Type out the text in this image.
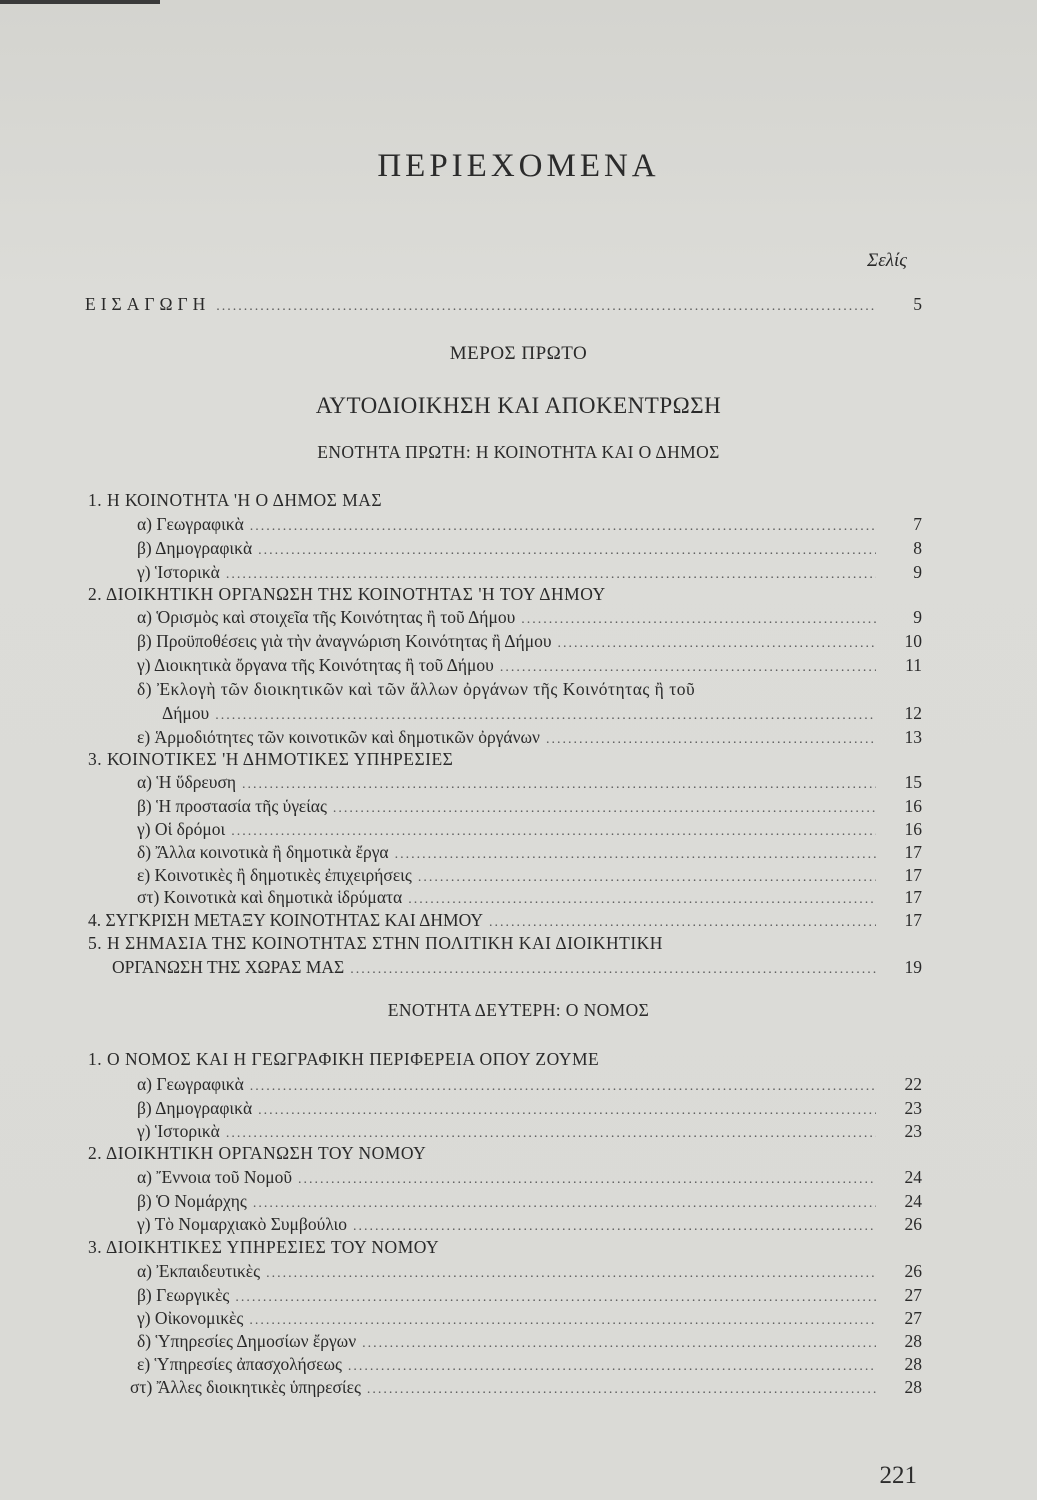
ΠΕΡΙΕΧΟΜΕΝΑ
Σελίς
ΕΙΣΑΓΩΓΗ .....	5
ΜΕΡΟΣ ΠΡΩΤΟ
ΑΥΤΟΔΙΟΙΚΗΣΗ ΚΑΙ ΑΠΟΚΕΝΤΡΩΣΗ
ΕΝΟΤΗΤΑ ΠΡΩΤΗ: Η ΚΟΙΝΟΤΗΤΑ ΚΑΙ Ο ΔΗΜΟΣ
1. Η ΚΟΙΝΟΤΗΤΑ 'Η Ο ΔΗΜΟΣ ΜΑΣ
α) Γεωγραφικὰ .....	7
β) Δημογραφικὰ .....	8
γ) Ἱστορικὰ .....	9
2. ΔΙΟΙΚΗΤΙΚΗ ΟΡΓΑΝΩΣΗ ΤΗΣ ΚΟΙΝΟΤΗΤΑΣ 'Η ΤΟΥ ΔΗΜΟΥ
α) Ὁρισμὸς καὶ στοιχεῖα τῆς Κοινότητας ἢ τοῦ Δήμου .....	9
β) Προϋποθέσεις γιὰ τὴν ἀναγνώριση Κοινότητας ἢ Δήμου .....	10
γ) Διοικητικὰ ὄργανα τῆς Κοινότητας ἢ τοῦ Δήμου .....	11
δ) Ἐκλογὴ τῶν διοικητικῶν καὶ τῶν ἄλλων ὀργάνων τῆς Κοινότητας ἢ τοῦ
Δήμου .....	12
ε) Ἁρμοδιότητες τῶν κοινοτικῶν καὶ δημοτικῶν ὀργάνων .....	13
3. ΚΟΙΝΟΤΙΚΕΣ 'Η ΔΗΜΟΤΙΚΕΣ ΥΠΗΡΕΣΙΕΣ
α) Ἡ ὕδρευση .....	15
β) Ἡ προστασία τῆς ὑγείας .....	16
γ) Οἱ δρόμοι .....	16
δ) Ἄλλα κοινοτικὰ ἢ δημοτικὰ ἔργα .....	17
ε) Κοινοτικὲς ἢ δημοτικὲς ἐπιχειρήσεις .....	17
στ) Κοινοτικὰ καὶ δημοτικὰ ἱδρύματα .....	17
4. ΣΥΓΚΡΙΣΗ ΜΕΤΑΞΥ ΚΟΙΝΟΤΗΤΑΣ ΚΑΙ ΔΗΜΟΥ .....	17
5. Η ΣΗΜΑΣΙΑ ΤΗΣ ΚΟΙΝΟΤΗΤΑΣ ΣΤΗΝ ΠΟΛΙΤΙΚΗ ΚΑΙ ΔΙΟΙΚΗΤΙΚΗ
ΟΡΓΑΝΩΣΗ ΤΗΣ ΧΩΡΑΣ ΜΑΣ .....	19
ΕΝΟΤΗΤΑ ΔΕΥΤΕΡΗ: Ο ΝΟΜΟΣ
1. Ο ΝΟΜΟΣ ΚΑΙ Η ΓΕΩΓΡΑΦΙΚΗ ΠΕΡΙΦΕΡΕΙΑ ΟΠΟΥ ΖΟΥΜΕ
α) Γεωγραφικὰ .....	22
β) Δημογραφικὰ .....	23
γ) Ἱστορικὰ .....	23
2. ΔΙΟΙΚΗΤΙΚΗ ΟΡΓΑΝΩΣΗ ΤΟΥ ΝΟΜΟΥ
α) Ἔννοια τοῦ Νομοῦ .....	24
β) Ὁ Νομάρχης .....	24
γ) Τὸ Νομαρχιακὸ Συμβούλιο .....	26
3. ΔΙΟΙΚΗΤΙΚΕΣ ΥΠΗΡΕΣΙΕΣ ΤΟΥ ΝΟΜΟΥ
α) Ἐκπαιδευτικὲς .....	26
β) Γεωργικὲς .....	27
γ) Οἰκονομικὲς .....	27
δ) Ὑπηρεσίες Δημοσίων ἔργων .....	28
ε) Ὑπηρεσίες ἀπασχολήσεως .....	28
στ) Ἄλλες διοικητικὲς ὑπηρεσίες .....	28
221
